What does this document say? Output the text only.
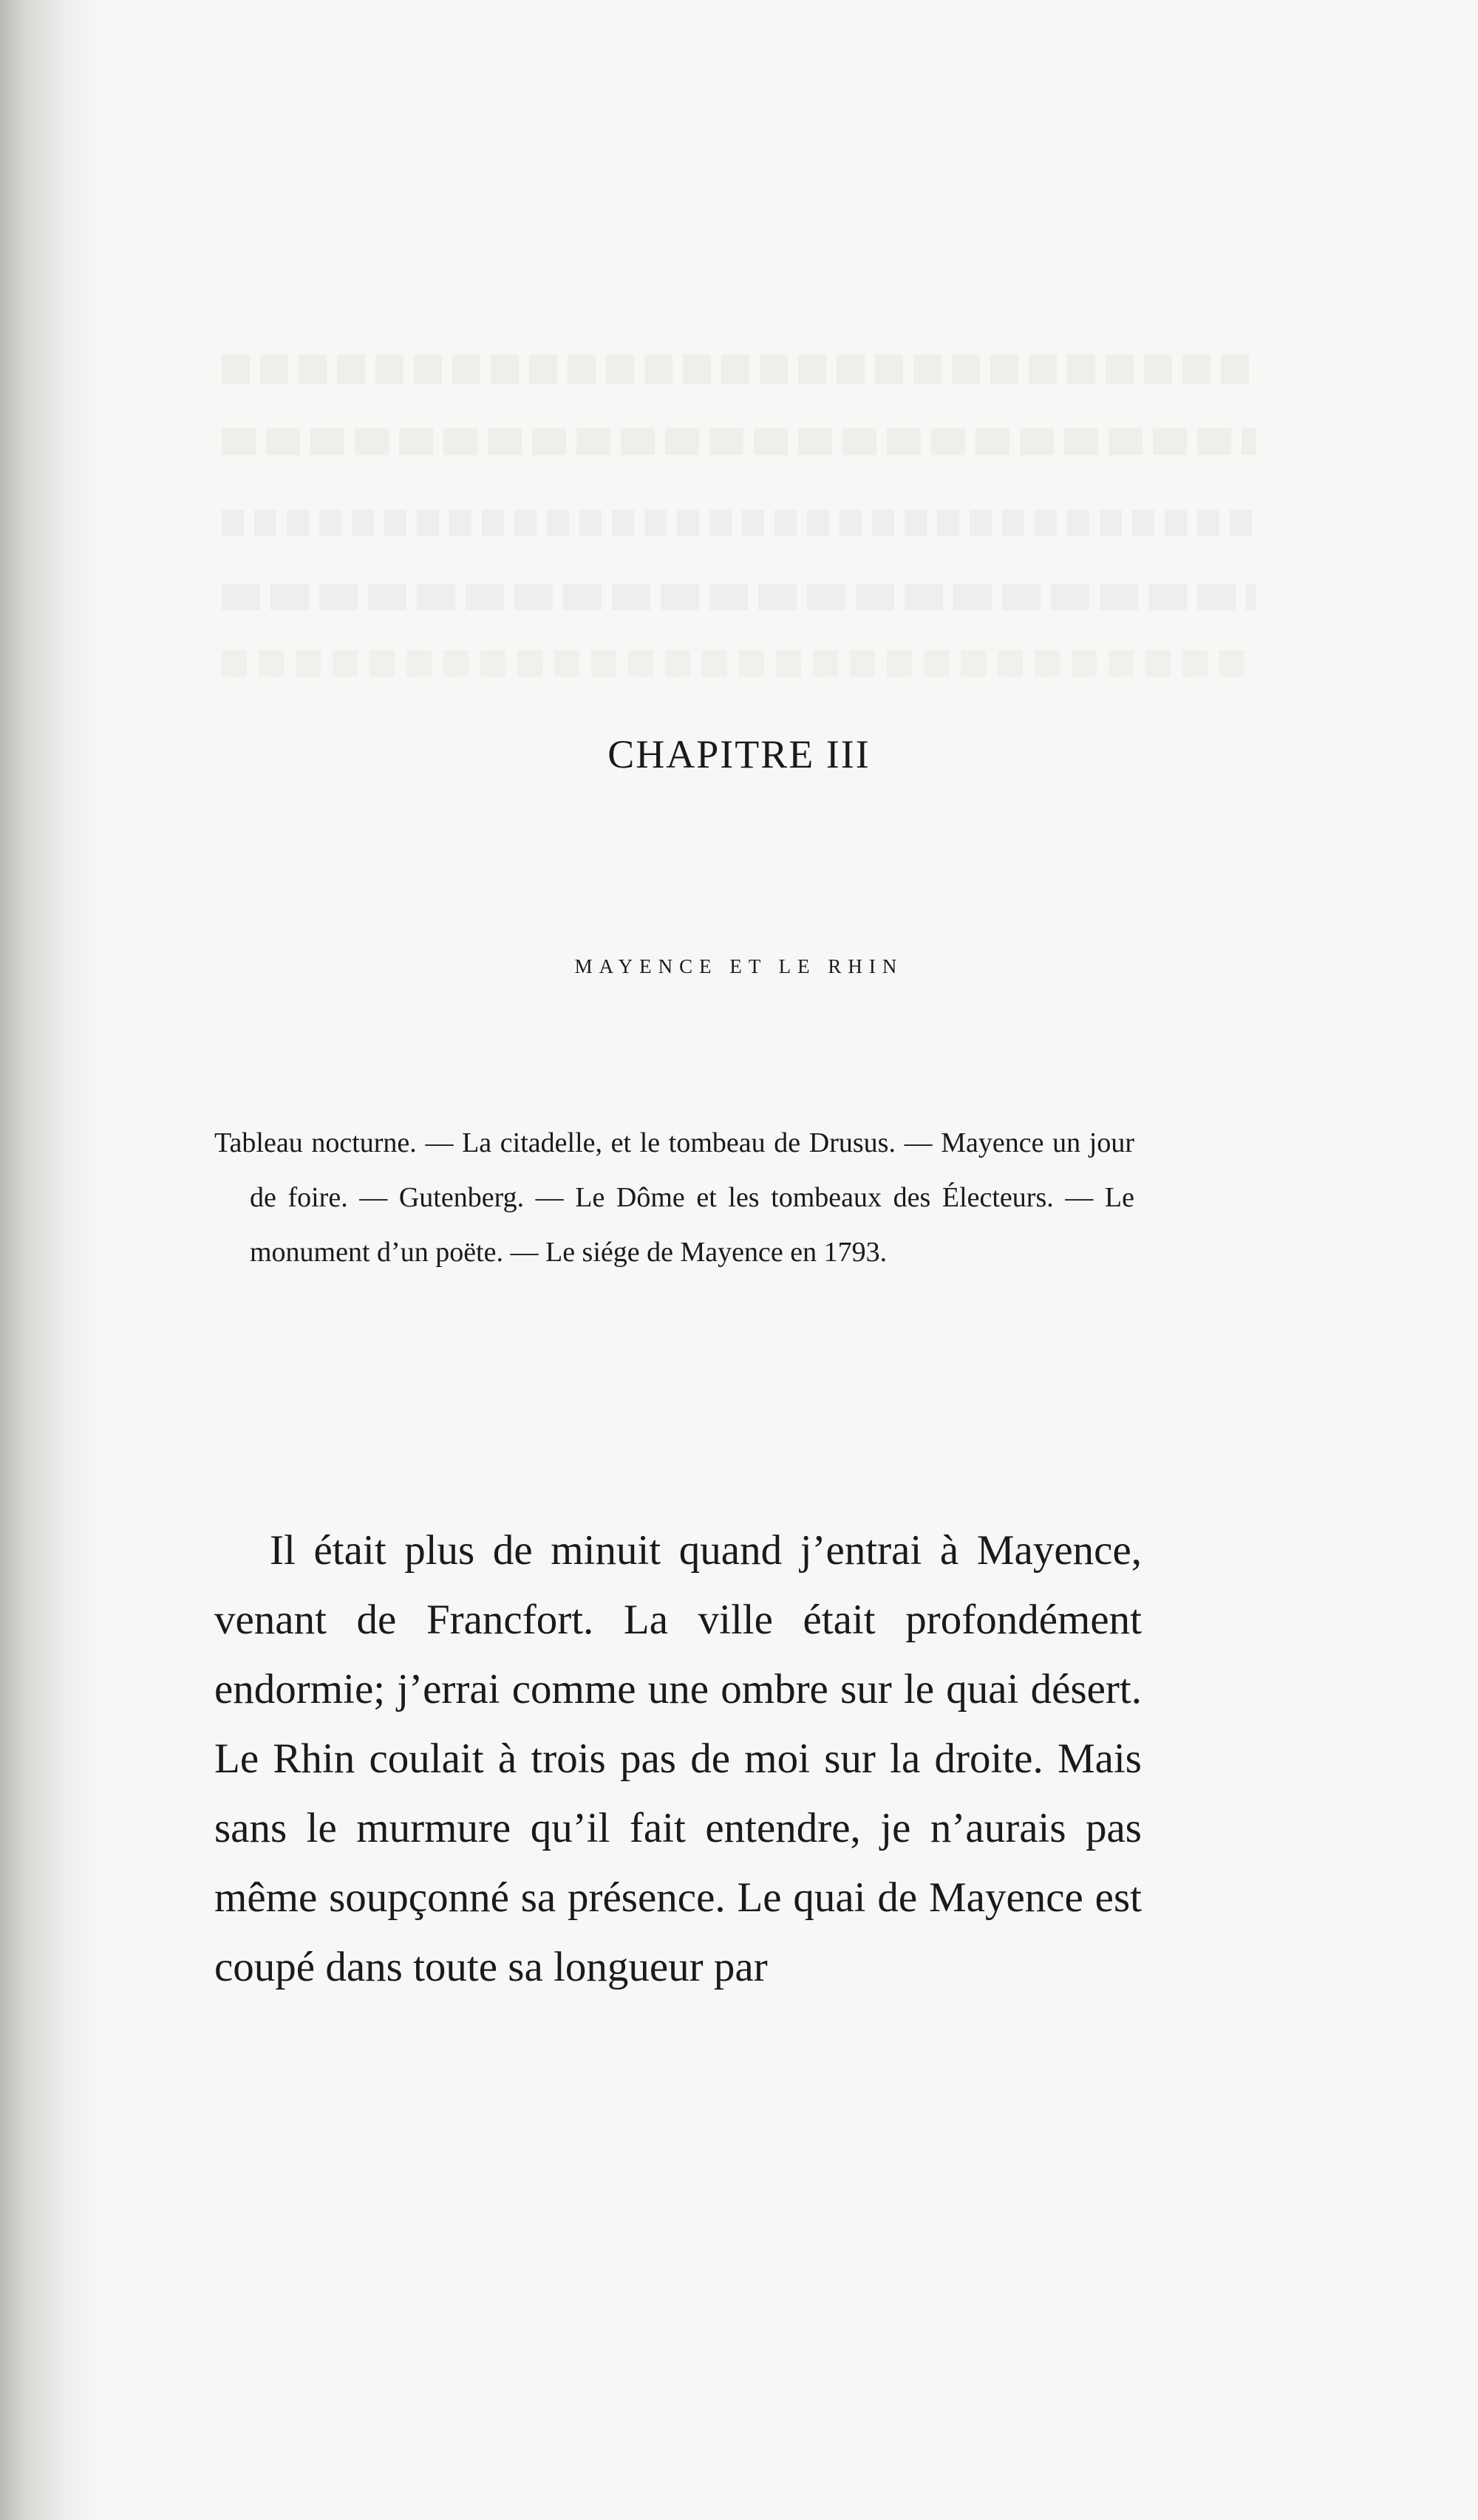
CHAPITRE III
MAYENCE ET LE RHIN

Tableau nocturne. — La citadelle, et le tombeau de Drusus. — Mayence un jour de foire. — Gutenberg. — Le Dôme et les tombeaux des Électeurs. — Le monument d’un poëte. — Le siége de Mayence en 1793.

Il était plus de minuit quand j’entrai à Mayence, venant de Francfort. La ville était profondément endormie; j’errai comme une ombre sur le quai désert. Le Rhin coulait à trois pas de moi sur la droite. Mais sans le murmure qu’il fait entendre, je n’aurais pas même soupçonné sa présence. Le quai de Mayence est coupé dans toute sa longueur par
